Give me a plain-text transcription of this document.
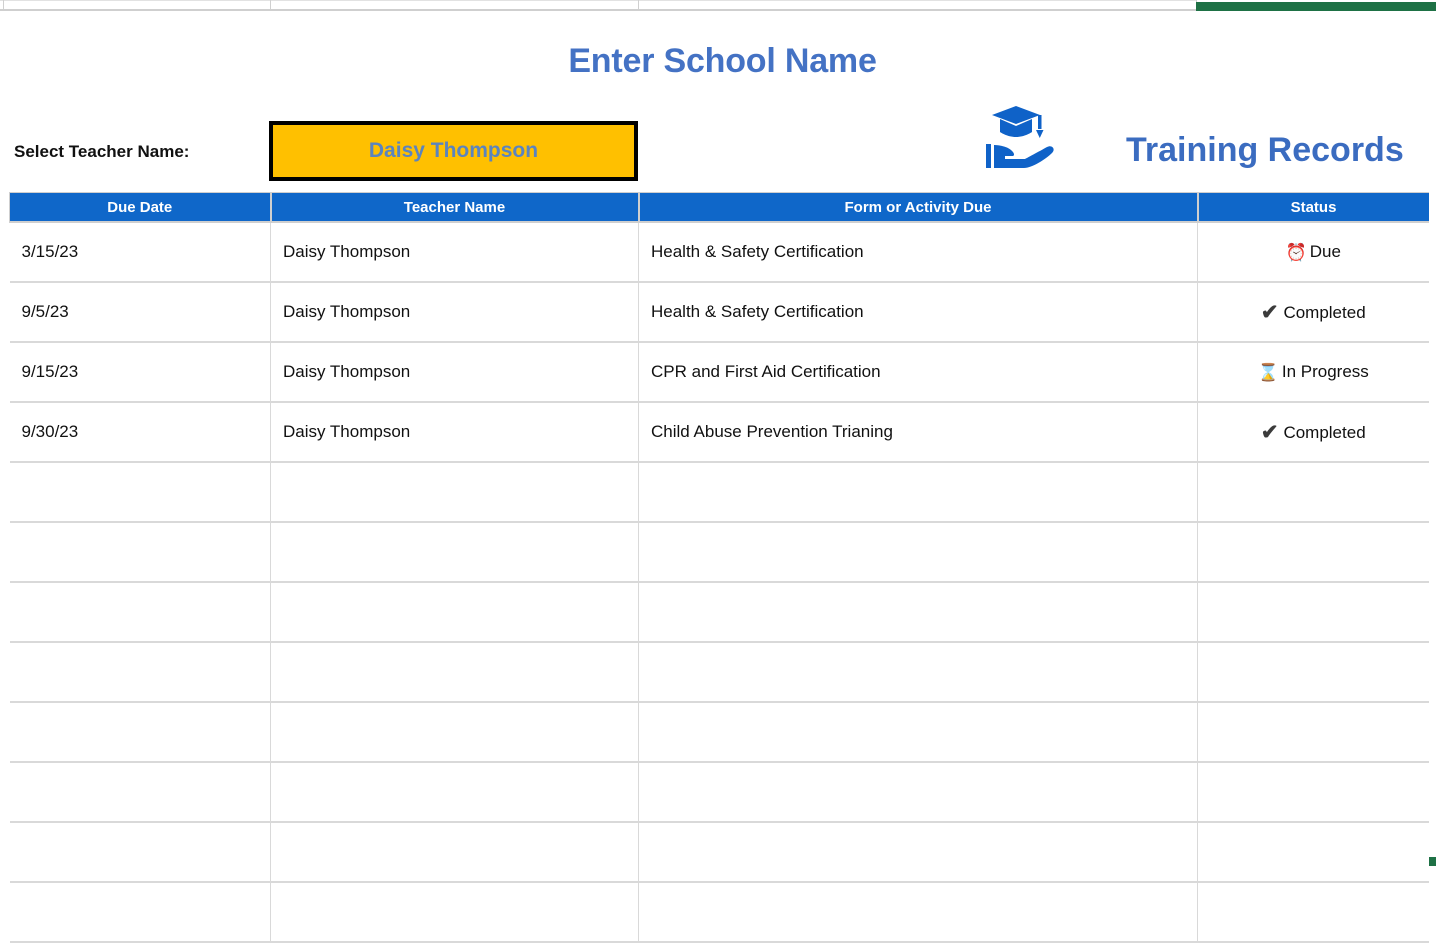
Enter School Name
Select Teacher Name:	Daisy Thompson	Training Records
Due Date	Teacher Name	Form or Activity Due	Status
3/15/23	Daisy Thompson	Health & Safety Certification	⏰ Due
9/5/23	Daisy Thompson	Health & Safety Certification	✔ Completed
9/15/23	Daisy Thompson	CPR and First Aid Certification	⌛ In Progress
9/30/23	Daisy Thompson	Child Abuse Prevention Trianing	✔ Completed
